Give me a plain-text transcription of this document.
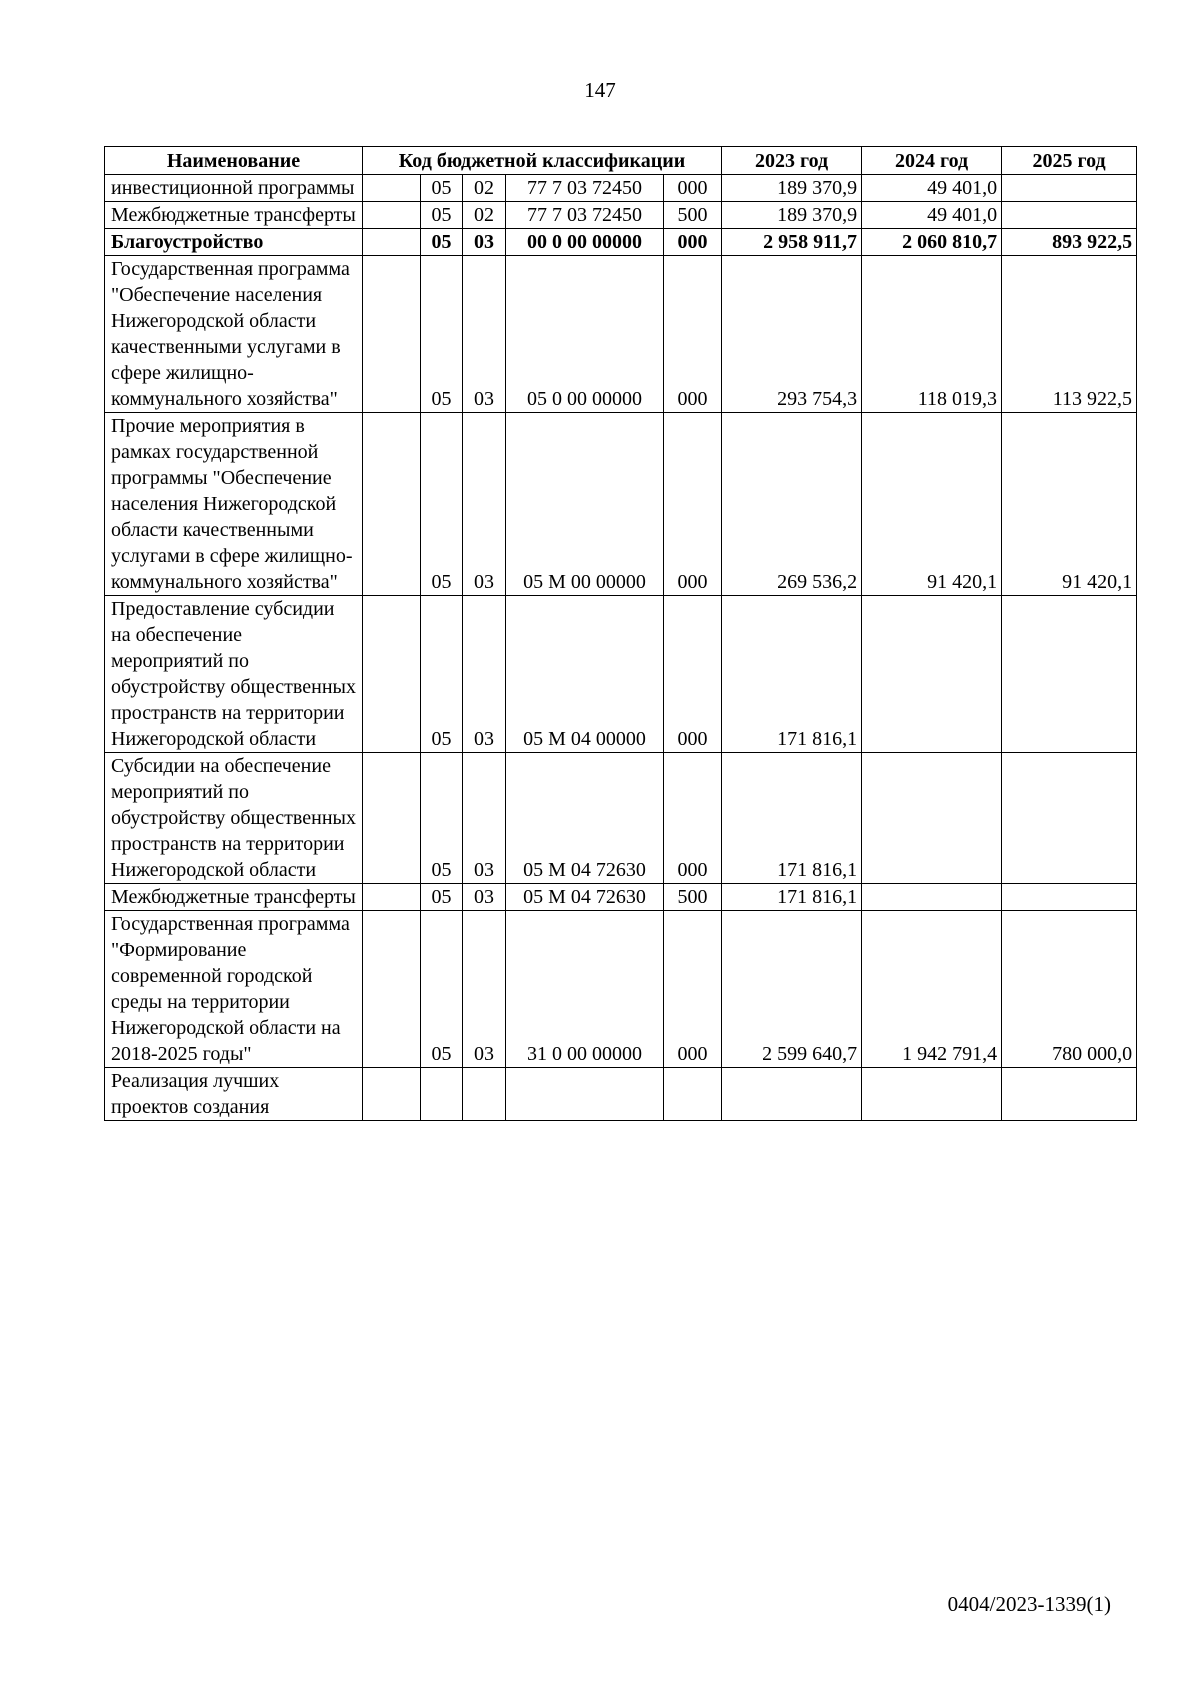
147
Наименование	Код бюджетной классификации					2023 год	2024 год	2025 год
инвестиционной программы		05	02	77 7 03 72450	000	189 370,9	49 401,0	
Межбюджетные трансферты		05	02	77 7 03 72450	500	189 370,9	49 401,0	
Благоустройство		05	03	00 0 00 00000	000	2 958 911,7	2 060 810,7	893 922,5
Государственная программа "Обеспечение населения Нижегородской области качественными услугами в сфере жилищно-коммунального хозяйства"		05	03	05 0 00 00000	000	293 754,3	118 019,3	113 922,5
Прочие мероприятия в рамках государственной программы "Обеспечение населения Нижегородской области качественными услугами в сфере жилищно-коммунального хозяйства"		05	03	05 М 00 00000	000	269 536,2	91 420,1	91 420,1
Предоставление субсидии на обеспечение мероприятий по обустройству общественных пространств на территории Нижегородской области		05	03	05 М 04 00000	000	171 816,1		
Субсидии на обеспечение мероприятий по обустройству общественных пространств на территории Нижегородской области		05	03	05 М 04 72630	000	171 816,1		
Межбюджетные трансферты		05	03	05 М 04 72630	500	171 816,1		
Государственная программа "Формирование современной городской среды на территории Нижегородской области на 2018-2025 годы"		05	03	31 0 00 00000	000	2 599 640,7	1 942 791,4	780 000,0
Реализация лучших проектов создания								
0404/2023-1339(1)
